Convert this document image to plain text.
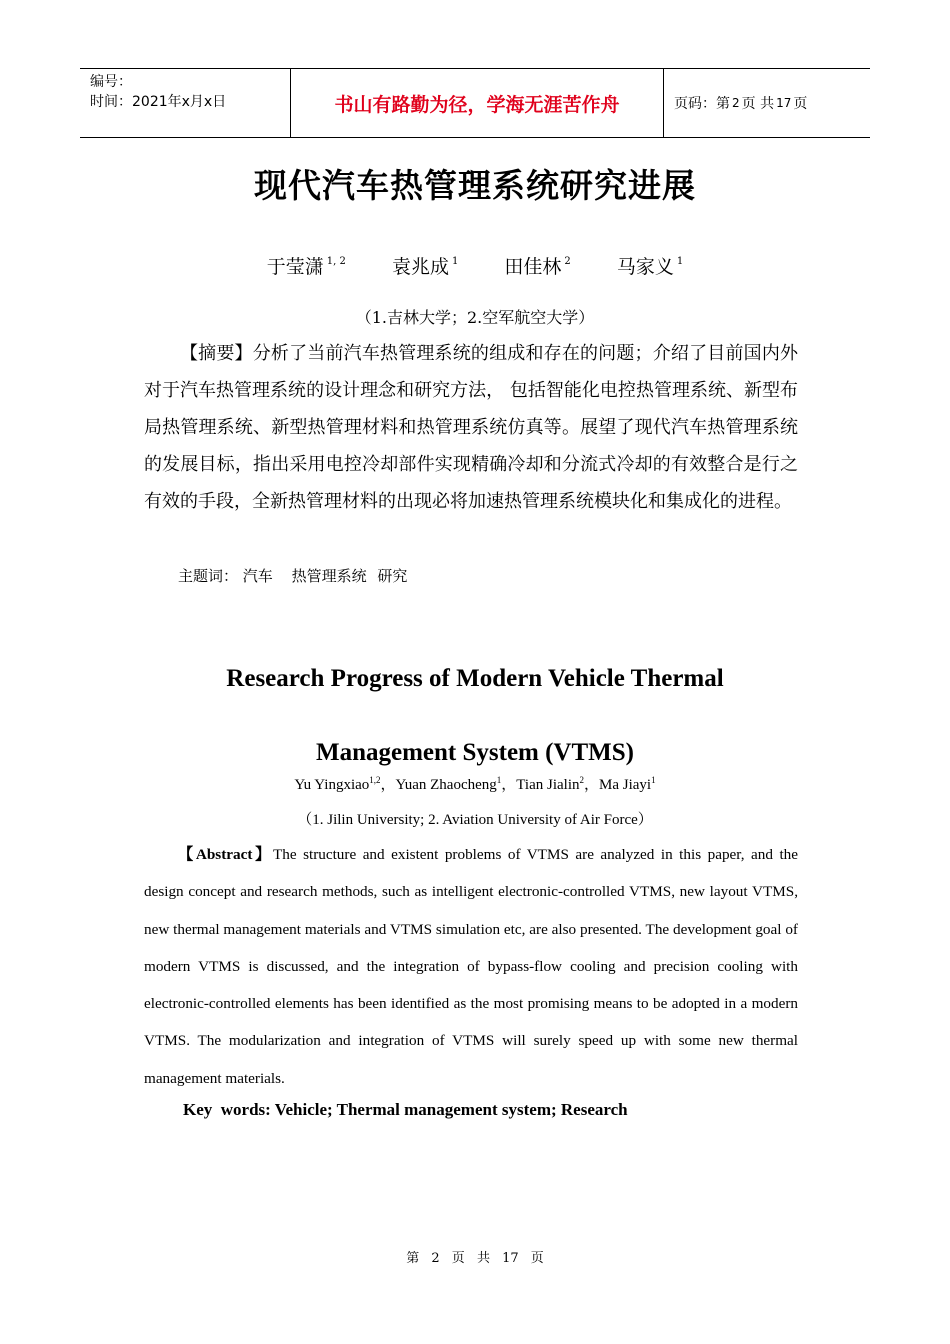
编号：
时间：2021年x月x日	书山有路勤为径，学海无涯苦作舟	页码：第 2 页 共 17 页
现代汽车热管理系统研究进展
于莹潇 $^{1, 2}$ 袁兆成 $^1$ 田佳林 $^2$ 马家义 $^1$
（1.吉林大学；2.空军航空大学）
【摘要】分析了当前汽车热管理系统的组成和存在的问题；介绍了目前国内外对于汽车热管理系统的设计理念和研究方法， 包括智能化电控热管理系统、新型布局热管理系统、新型热管理材料和热管理系统仿真等。展望了现代汽车热管理系统的发展目标，指出采用电控冷却部件实现精确冷却和分流式冷却的有效整合是行之有效的手段，全新热管理材料的出现必将加速热管理系统模块化和集成化的进程。
主题词： 汽车 热管理系统 研究
Research Progress of Modern Vehicle Thermal
Management System (VTMS)
Yu Yingxiao$^{1,2}$，Yuan Zhaocheng$^1$，Tian Jialin$^2$，Ma Jiayi$^1$
（1. Jilin University; 2. Aviation University of Air Force）
【Abstract】The structure and existent problems of VTMS are analyzed in this paper, and the design concept and research methods, such as intelligent electronic-controlled VTMS, new layout VTMS, new thermal management materials and VTMS simulation etc, are also presented. The development goal of modern VTMS is discussed, and the integration of bypass-flow cooling and precision cooling with electronic-controlled elements has been identified as the most promising means to be adopted in a modern VTMS. The modularization and integration of VTMS will surely speed up with some new thermal management materials.
Key  words: Vehicle; Thermal management system; Research
第 2 页 共 17 页
